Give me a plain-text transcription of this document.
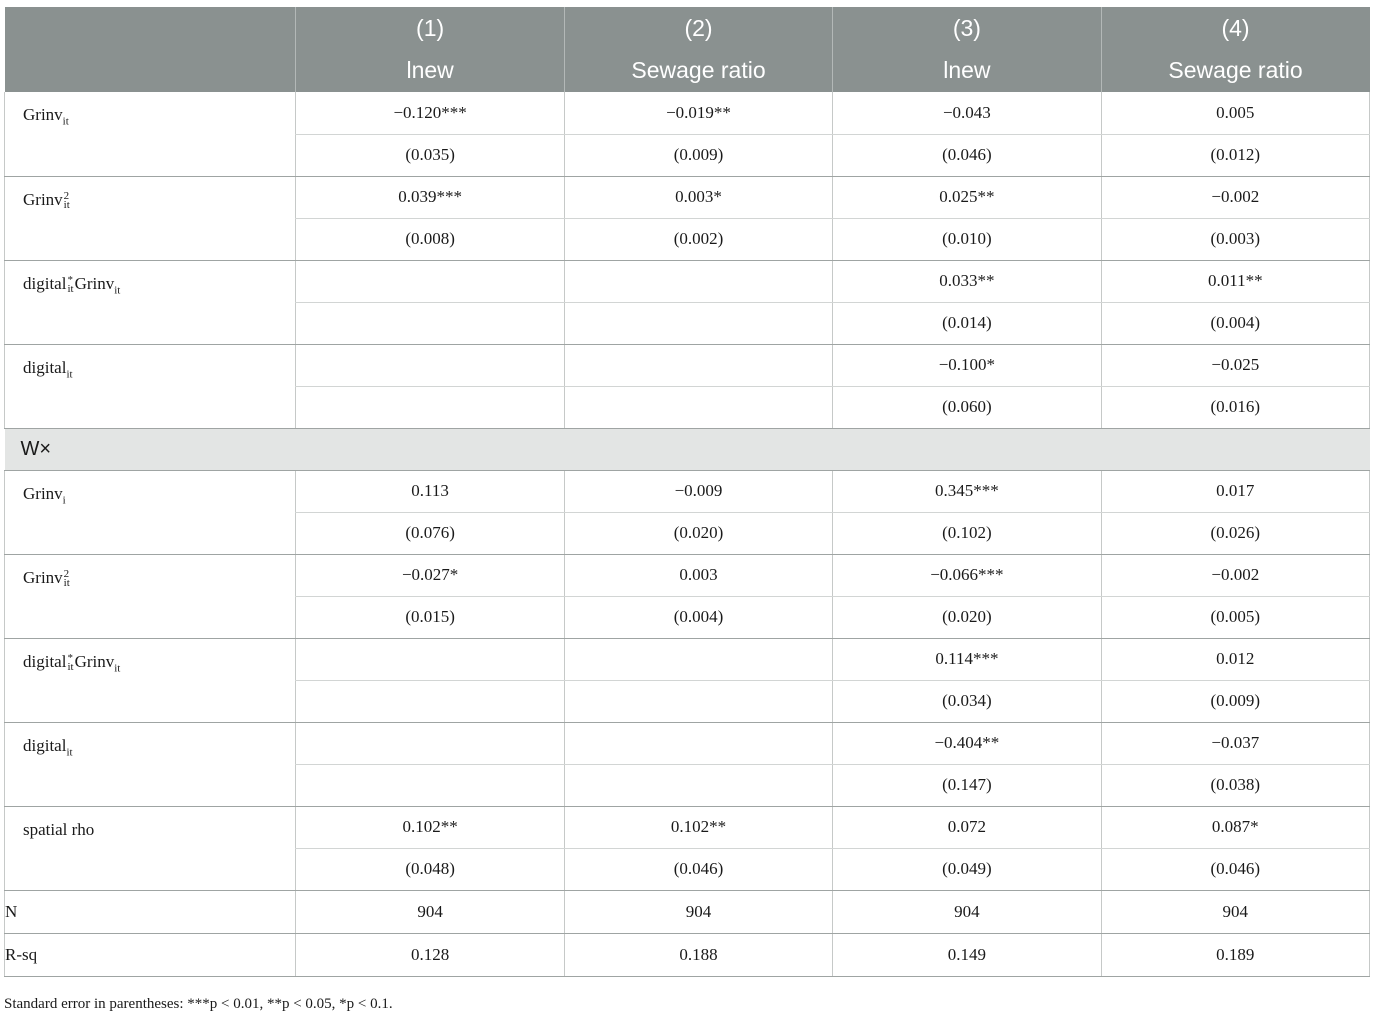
	(1)	(2)	(3)	(4)
	lnew	Sewage ratio	lnew	Sewage ratio
Grinv$_{it}$	−0.120***	−0.019**	−0.043	0.005
	(0.035)	(0.009)	(0.046)	(0.012)
Grinv 2
it	0.039***	0.003*	0.025**	−0.002
	(0.008)	(0.002)	(0.010)	(0.003)
digital *
it Grinv$_{it}$			0.033**	0.011**
			(0.014)	(0.004)
digital$_{it}$			−0.100*	−0.025
			(0.060)	(0.016)
W×				
Grinv$_i$	0.113	−0.009	0.345***	0.017
	(0.076)	(0.020)	(0.102)	(0.026)
Grinv 2
it	−0.027*	0.003	−0.066***	−0.002
	(0.015)	(0.004)	(0.020)	(0.005)
digital *
it Grinv$_{it}$			0.114***	0.012
			(0.034)	(0.009)
digital$_{it}$			−0.404**	−0.037
			(0.147)	(0.038)
spatial rho	0.102**	0.102**	0.072	0.087*
	(0.048)	(0.046)	(0.049)	(0.046)
N	904	904	904	904
R-sq	0.128	0.188	0.149	0.189
Standard error in parentheses: ***p < 0.01, **p < 0.05, *p < 0.1.
